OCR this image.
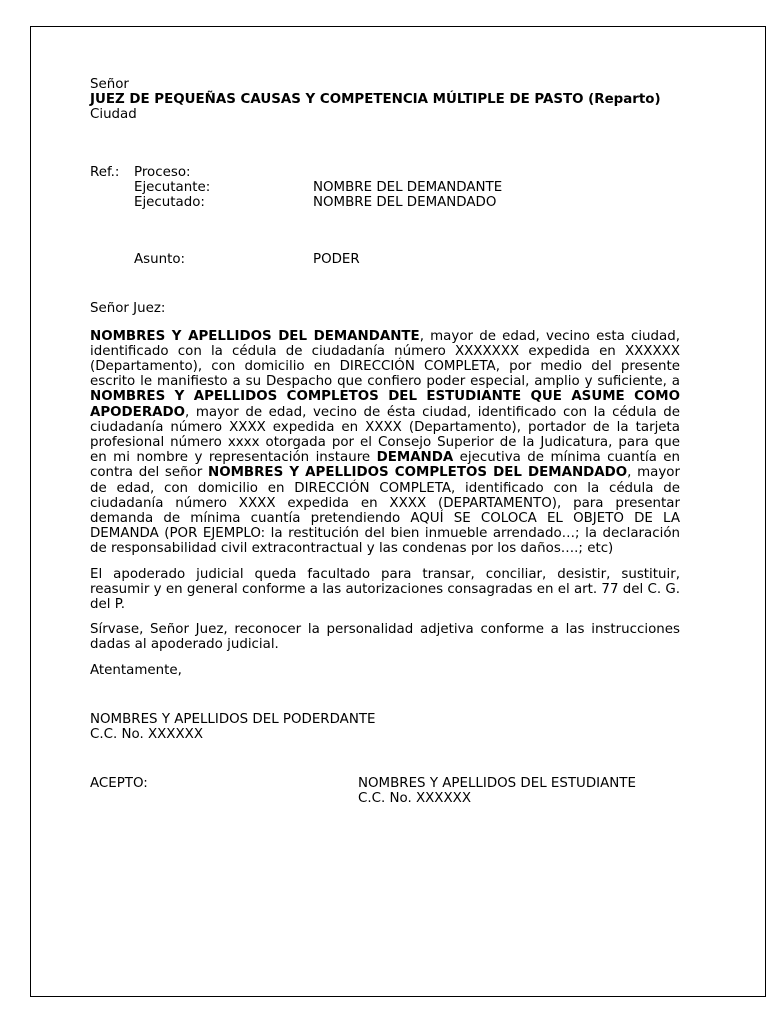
Señor
JUEZ DE PEQUEÑAS CAUSAS Y COMPETENCIA MÚLTIPLE DE PASTO (Reparto)
Ciudad
Ref.: Proceso:
Ejecutante:	NOMBRE DEL DEMANDANTE
Ejecutado:	NOMBRE DEL DEMANDADO
Asunto:	PODER
Señor Juez:

NOMBRES Y APELLIDOS DEL DEMANDANTE, mayor de edad, vecino esta ciudad, identificado con la cédula de ciudadanía número XXXXXXX expedida en XXXXXX (Departamento), con domicilio en DIRECCIÓN COMPLETA, por medio del presente escrito le manifiesto a su Despacho que confiero poder especial, amplio y suficiente, a NOMBRES Y APELLIDOS COMPLETOS DEL ESTUDIANTE QUE ASUME COMO APODERADO, mayor de edad, vecino de ésta ciudad, identificado con la cédula de ciudadanía número XXXX expedida en XXXX (Departamento), portador de la tarjeta profesional número xxxx otorgada por el Consejo Superior de la Judicatura, para que en mi nombre y representación instaure DEMANDA ejecutiva de mínima cuantía en contra del señor NOMBRES Y APELLIDOS COMPLETOS DEL DEMANDADO, mayor de edad, con domicilio en DIRECCIÓN COMPLETA, identificado con la cédula de ciudadanía número XXXX expedida en XXXX (DEPARTAMENTO), para presentar demanda de mínima cuantía pretendiendo AQUÍ SE COLOCA EL OBJETO DE LA DEMANDA (POR EJEMPLO: la restitución del bien inmueble arrendado…; la declaración de responsabilidad civil extracontractual y las condenas por los daños….; etc)

El apoderado judicial queda facultado para transar, conciliar, desistir, sustituir, reasumir y en general conforme a las autorizaciones consagradas en el art. 77 del C. G. del P.

Sírvase, Señor Juez, reconocer la personalidad adjetiva conforme a las instrucciones dadas al apoderado judicial.

Atentamente,

NOMBRES Y APELLIDOS DEL PODERDANTE
C.C. No. XXXXXX
ACEPTO:	NOMBRES Y APELLIDOS DEL ESTUDIANTE
C.C. No. XXXXXX
